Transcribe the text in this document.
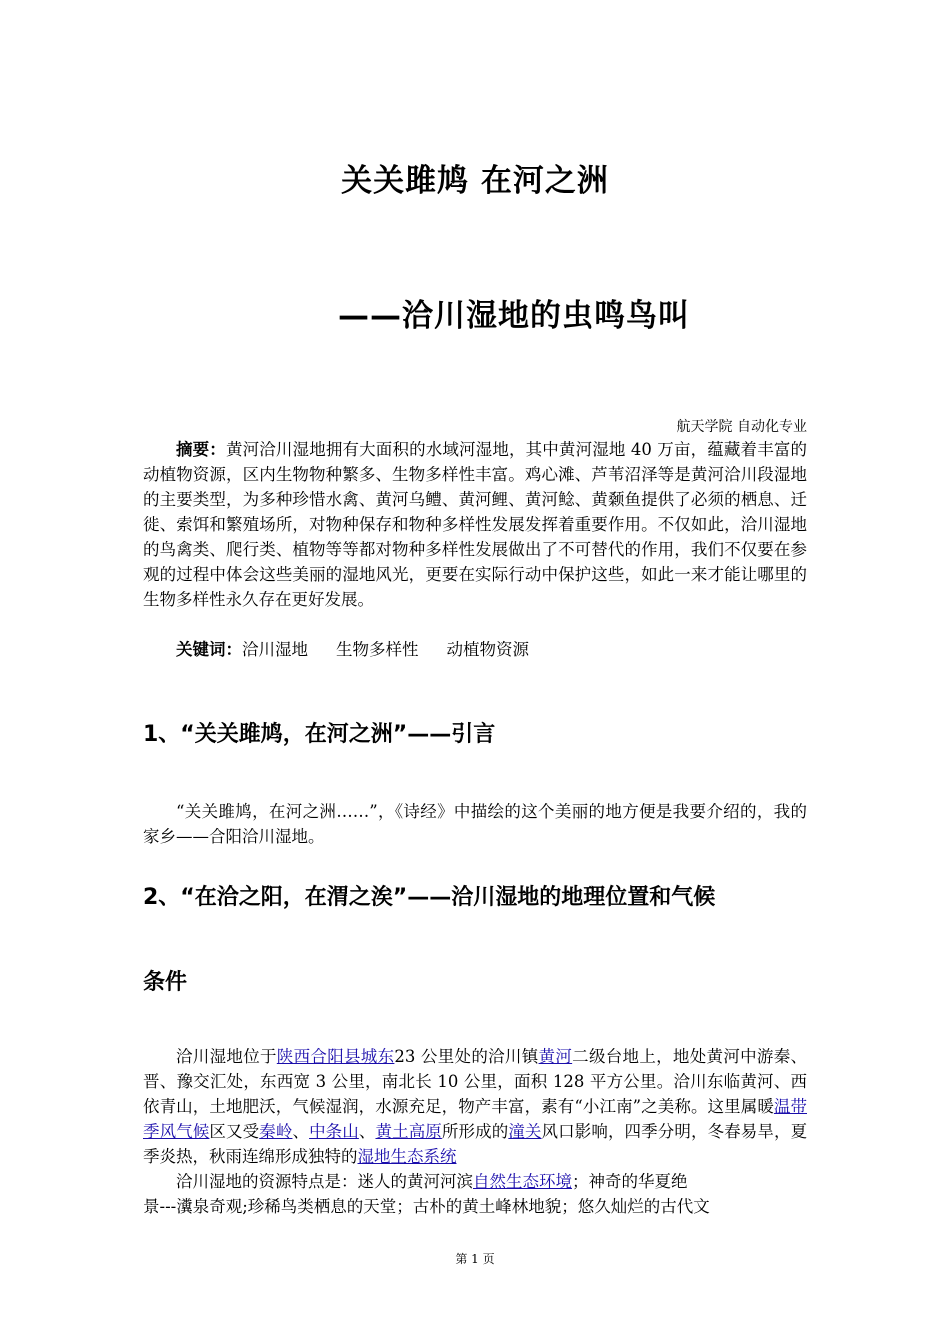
关关雎鸠 在河之洲
——洽川湿地的虫鸣鸟叫
航天学院 自动化专业
摘要：黄河洽川湿地拥有大面积的水域河湿地，其中黄河湿地 40 万亩，蕴藏着丰富的动植物资源，区内生物物种繁多、生物多样性丰富。鸡心滩、芦苇沼泽等是黄河洽川段湿地的主要类型，为多种珍惜水禽、黄河乌鳢、黄河鲤、黄河鲶、黄颡鱼提供了必须的栖息、迁徙、索饵和繁殖场所，对物种保存和物种多样性发展发挥着重要作用。不仅如此，洽川湿地的鸟禽类、爬行类、植物等等都对物种多样性发展做出了不可替代的作用，我们不仅要在参观的过程中体会这些美丽的湿地风光，更要在实际行动中保护这些，如此一来才能让哪里的生物多样性永久存在更好发展。
关键词：洽川湿地 生物多样性 动植物资源
1、“关关雎鸠，在河之洲”——引言
“关关雎鸠，在河之洲……”，《诗经》中描绘的这个美丽的地方便是我要介绍的，我的家乡——合阳洽川湿地。
2、“在洽之阳，在渭之涘”——洽川湿地的地理位置和气候
条件
洽川湿地位于陕西合阳县城东23 公里处的洽川镇黄河二级台地上，地处黄河中游秦、晋、豫交汇处，东西宽 3 公里，南北长 10 公里，面积 128 平方公里。洽川东临黄河、西依青山，土地肥沃，气候湿润，水源充足，物产丰富，素有“小江南”之美称。这里属暖温带季风气候区又受秦岭、中条山、黄土高原所形成的潼关风口影响，四季分明，冬春易旱，夏季炎热，秋雨连绵形成独特的湿地生态系统
洽川湿地的资源特点是：迷人的黄河河滨自然生态环境；神奇的华夏绝
景---瀵泉奇观;珍稀鸟类栖息的天堂；古朴的黄土峰林地貌；悠久灿烂的古代文
第 1 页
